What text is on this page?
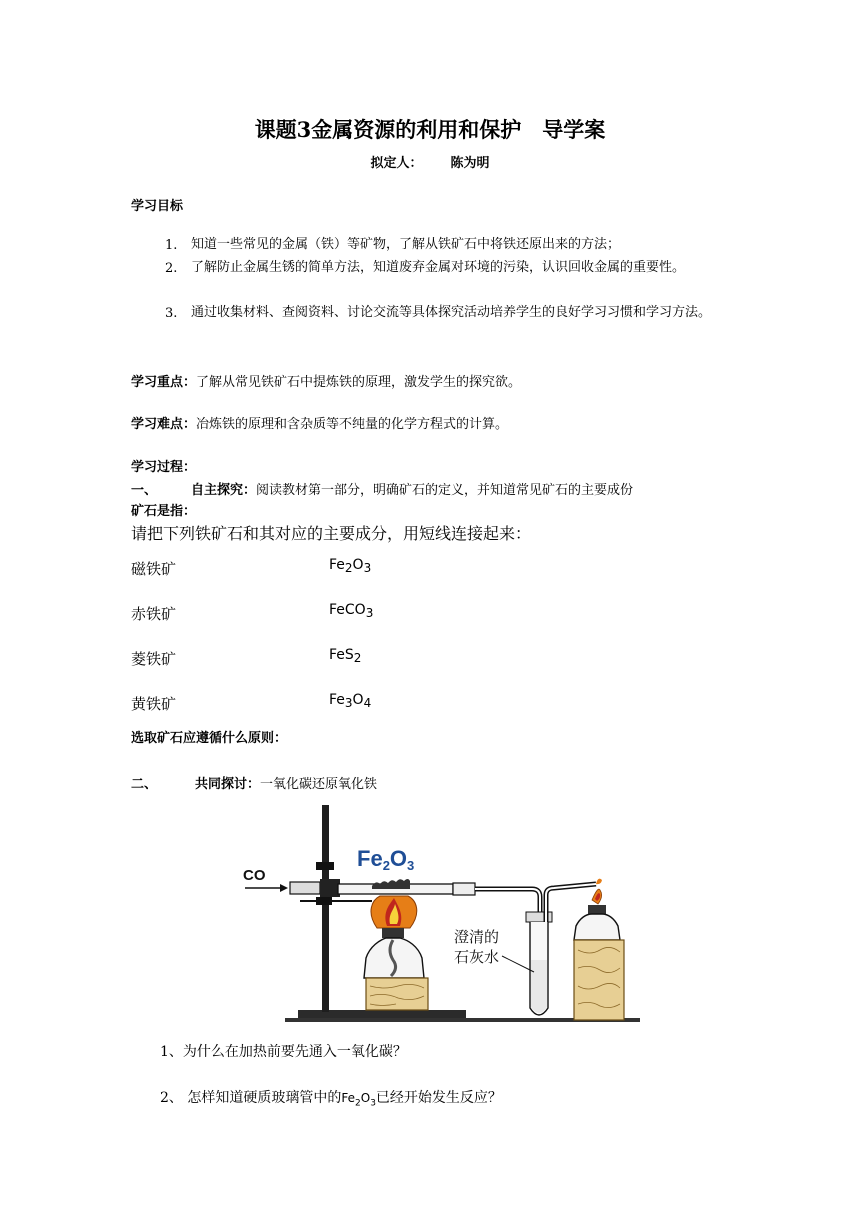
课题3金属资源的利用和保护　导学案
拟定人： 陈为明
学习目标
1. 知道一些常见的金属（铁）等矿物，了解从铁矿石中将铁还原出来的方法；
2. 了解防止金属生锈的简单方法，知道废弃金属对环境的污染，认识回收金属的重要性。
3. 通过收集材料、查阅资料、讨论交流等具体探究活动培养学生的良好学习习惯和学习方法。
学习重点：了解从常见铁矿石中提炼铁的原理，激发学生的探究欲。
学习难点：冶炼铁的原理和含杂质等不纯量的化学方程式的计算。
学习过程：
一、	自主探究：阅读教材第一部分，明确矿石的定义，并知道常见矿石的主要成份
矿石是指：
请把下列铁矿石和其对应的主要成分，用短线连接起来：
磁铁矿
赤铁矿
菱铁矿
黄铁矿
$Fe_2O_3$
FeCO$_3$
FeS$_2$
$Fe_3O_4$
选取矿石应遵循什么原则：
二、	共同探讨：一氧化碳还原氧化铁
CO
Fe2O3
澄清的
石灰水
1、为什么在加热前要先通入一氧化碳？
2、 怎样知道硬质玻璃管中的$Fe_2O_3$已经开始发生反应？
